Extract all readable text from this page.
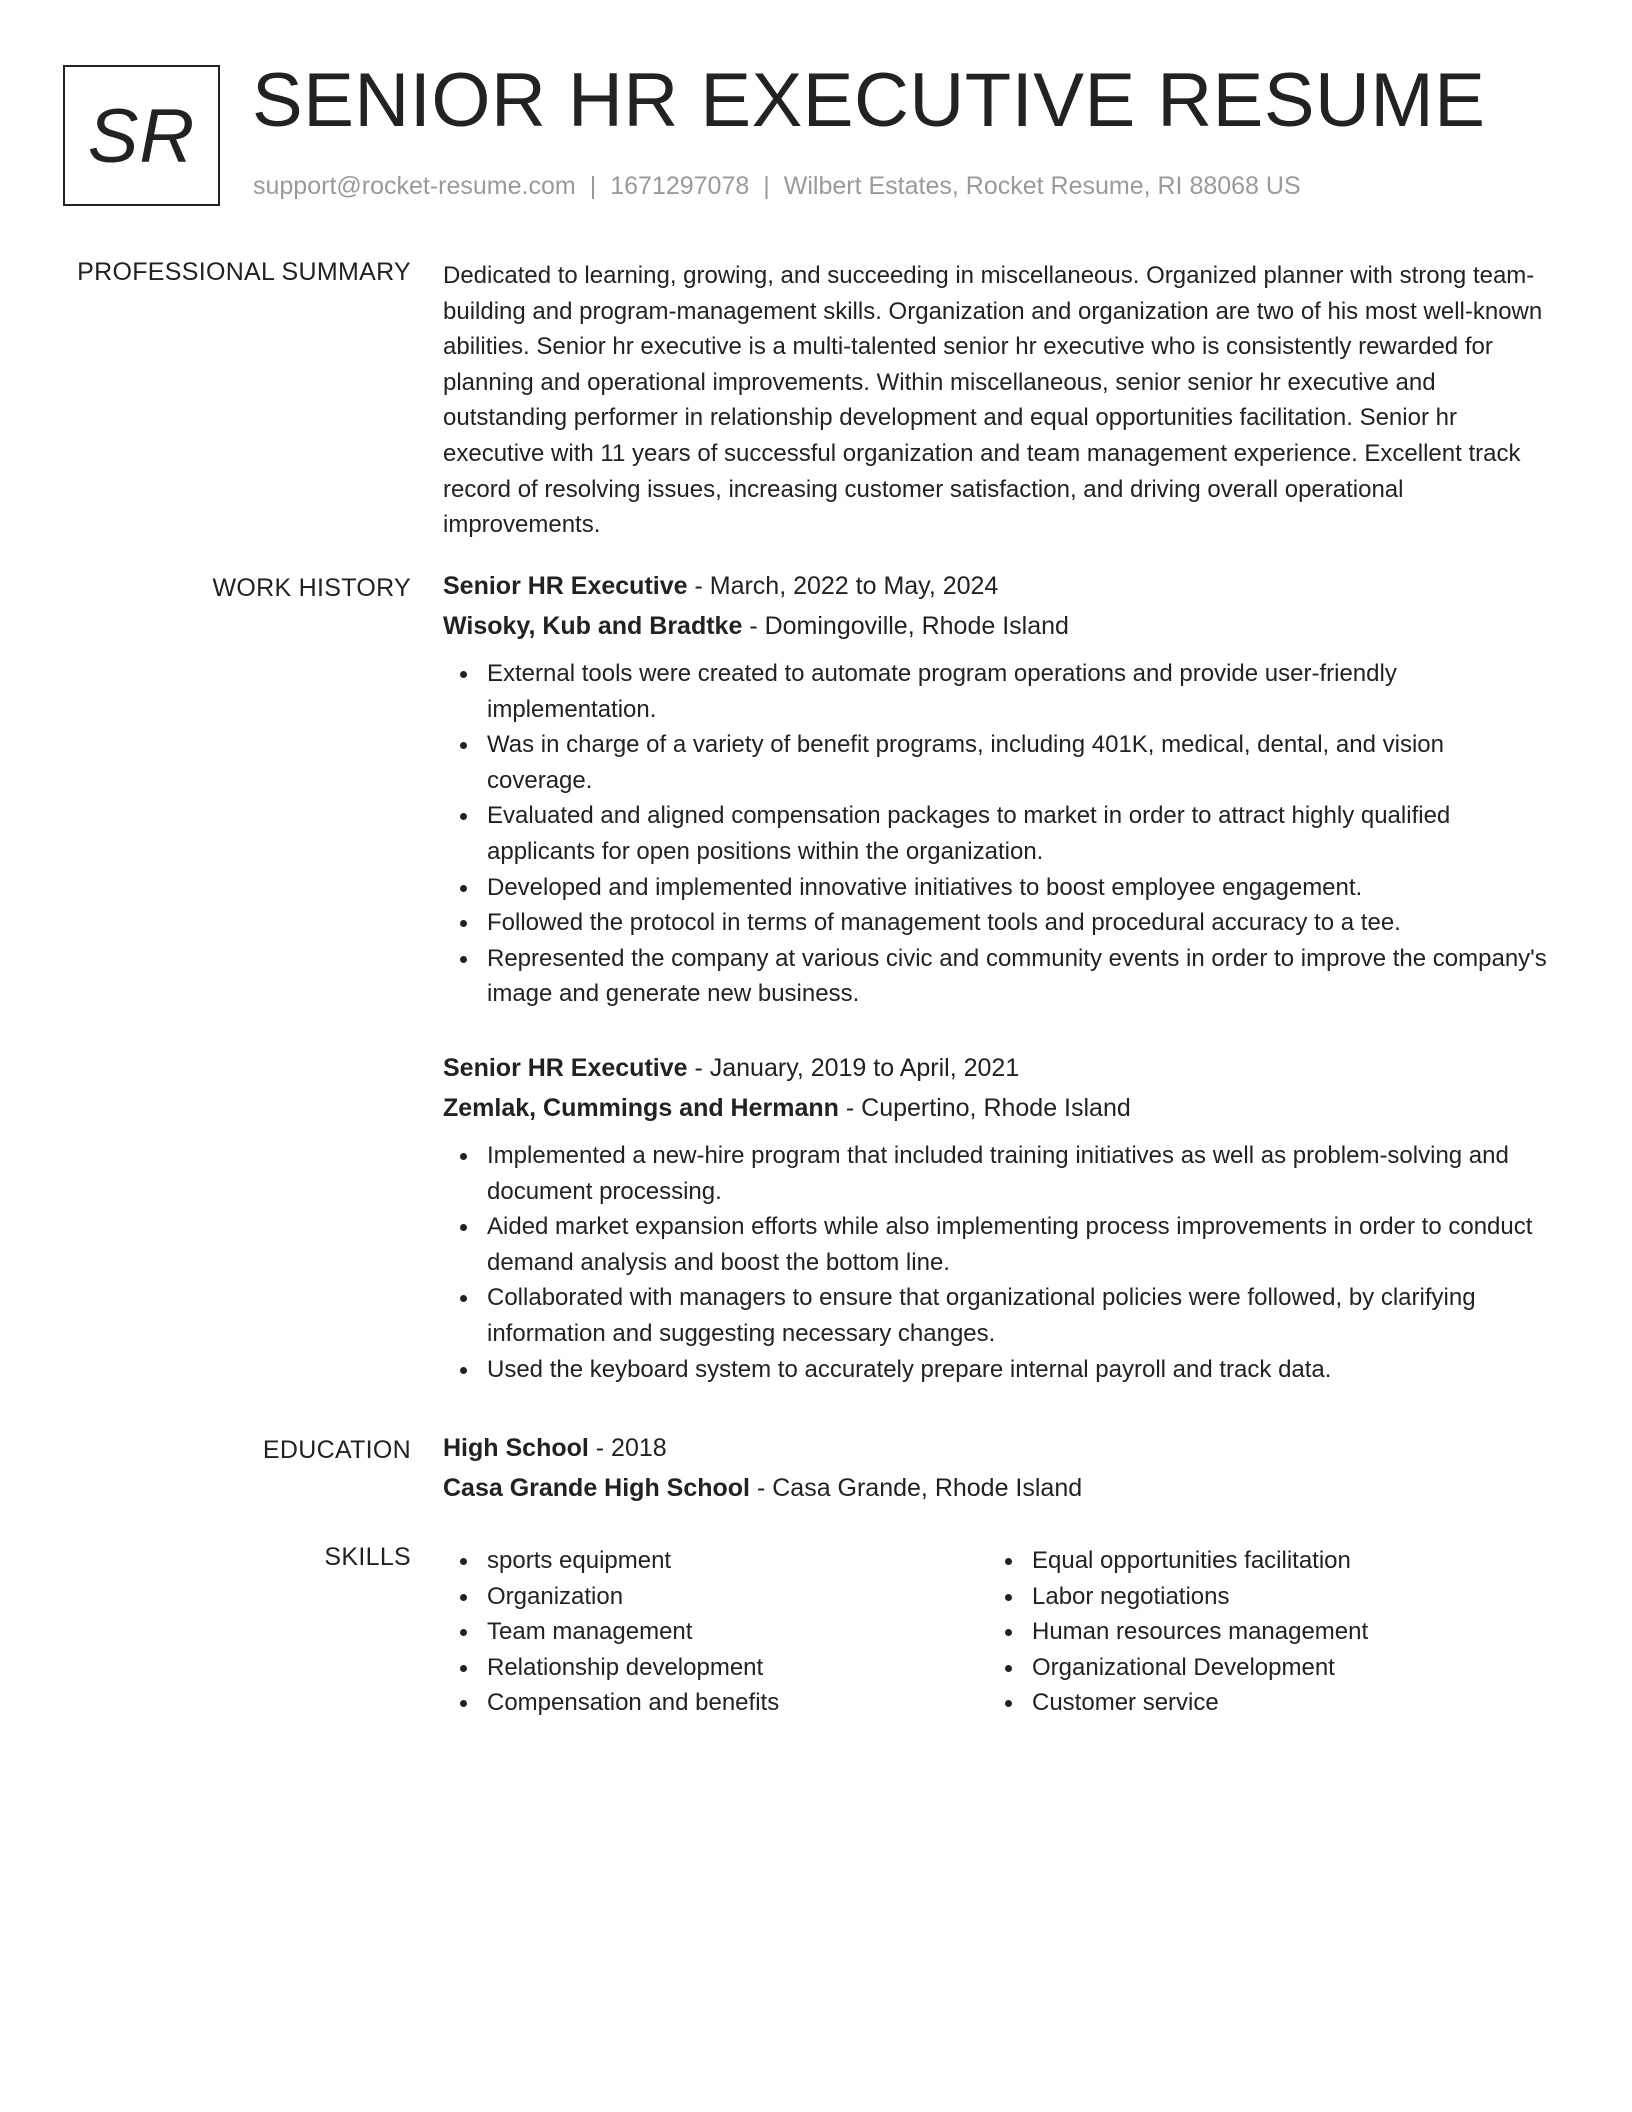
SR SENIOR HR EXECUTIVE RESUME
support@rocket-resume.com | 1671297078 | Wilbert Estates, Rocket Resume, RI 88068 US
PROFESSIONAL SUMMARY Dedicated to learning, growing, and succeeding in miscellaneous. Organized planner with strong team-building and program-management skills. Organization and organization are two of his most well-known abilities. Senior hr executive is a multi-talented senior hr executive who is consistently rewarded for planning and operational improvements. Within miscellaneous, senior senior hr executive and outstanding performer in relationship development and equal opportunities facilitation. Senior hr executive with 11 years of successful organization and team management experience. Excellent track record of resolving issues, increasing customer satisfaction, and driving overall operational improvements.

WORK HISTORY Senior HR Executive - March, 2022 to May, 2024
Wisoky, Kub and Bradtke - Domingoville, Rhode Island
External tools were created to automate program operations and provide user-friendly implementation.
Was in charge of a variety of benefit programs, including 401K, medical, dental, and vision coverage.
Evaluated and aligned compensation packages to market in order to attract highly qualified applicants for open positions within the organization.
Developed and implemented innovative initiatives to boost employee engagement.
Followed the protocol in terms of management tools and procedural accuracy to a tee.
Represented the company at various civic and community events in order to improve the company's image and generate new business.
Senior HR Executive - January, 2019 to April, 2021
Zemlak, Cummings and Hermann - Cupertino, Rhode Island
Implemented a new-hire program that included training initiatives as well as problem-solving and document processing.
Aided market expansion efforts while also implementing process improvements in order to conduct demand analysis and boost the bottom line.
Collaborated with managers to ensure that organizational policies were followed, by clarifying information and suggesting necessary changes.
Used the keyboard system to accurately prepare internal payroll and track data.
EDUCATION High School - 2018
Casa Grande High School - Casa Grande, Rhode Island
SKILLS	sports equipment
Organization
Team management
Relationship development
Compensation and benefits
Equal opportunities facilitation
Labor negotiations
Human resources management
Organizational Development
Customer service
